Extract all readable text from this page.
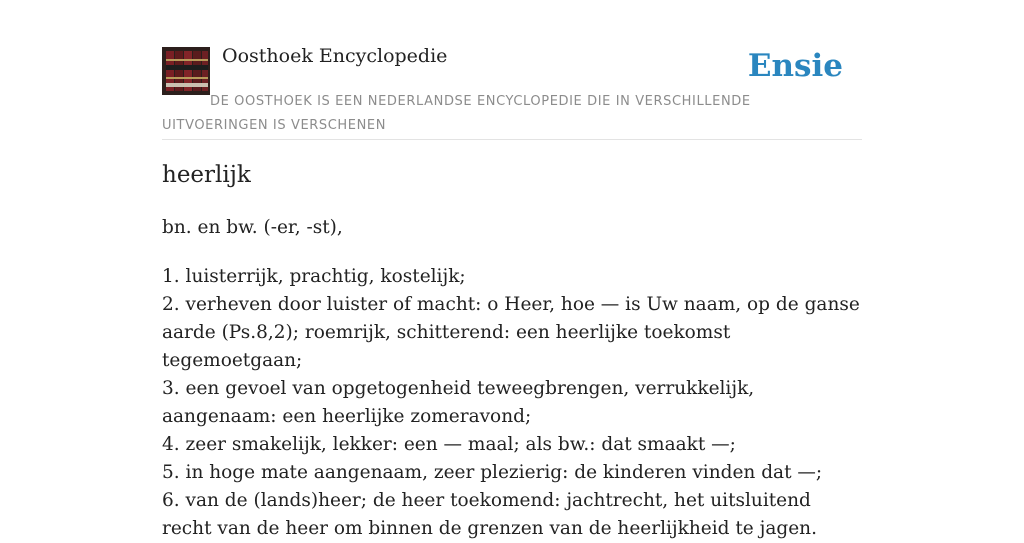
Oosthoek Encyclopedie	Ensie
DE OOSTHOEK IS EEN NEDERLANDSE ENCYCLOPEDIE DIE IN VERSCHILLENDE UITVOERINGEN IS VERSCHENEN
heerlijk

bn. en bw. (-er, -st),

1. luisterrijk, prachtig, kostelijk;
2. verheven door luister of macht: o Heer, hoe — is Uw naam, op de ganse aarde (Ps.8,2); roemrijk, schitterend: een heerlijke toekomst tegemoetgaan;
3. een gevoel van opgetogenheid teweegbrengen, verrukkelijk, aangenaam: een heerlijke zomeravond;
4. zeer smakelijk, lekker: een — maal; als bw.: dat smaakt —;
5. in hoge mate aangenaam, zeer plezierig: de kinderen vinden dat —;
6. van de (lands)heer; de heer toekomend: jachtrecht, het uitsluitend recht van de heer om binnen de grenzen van de heerlijkheid te jagen.
